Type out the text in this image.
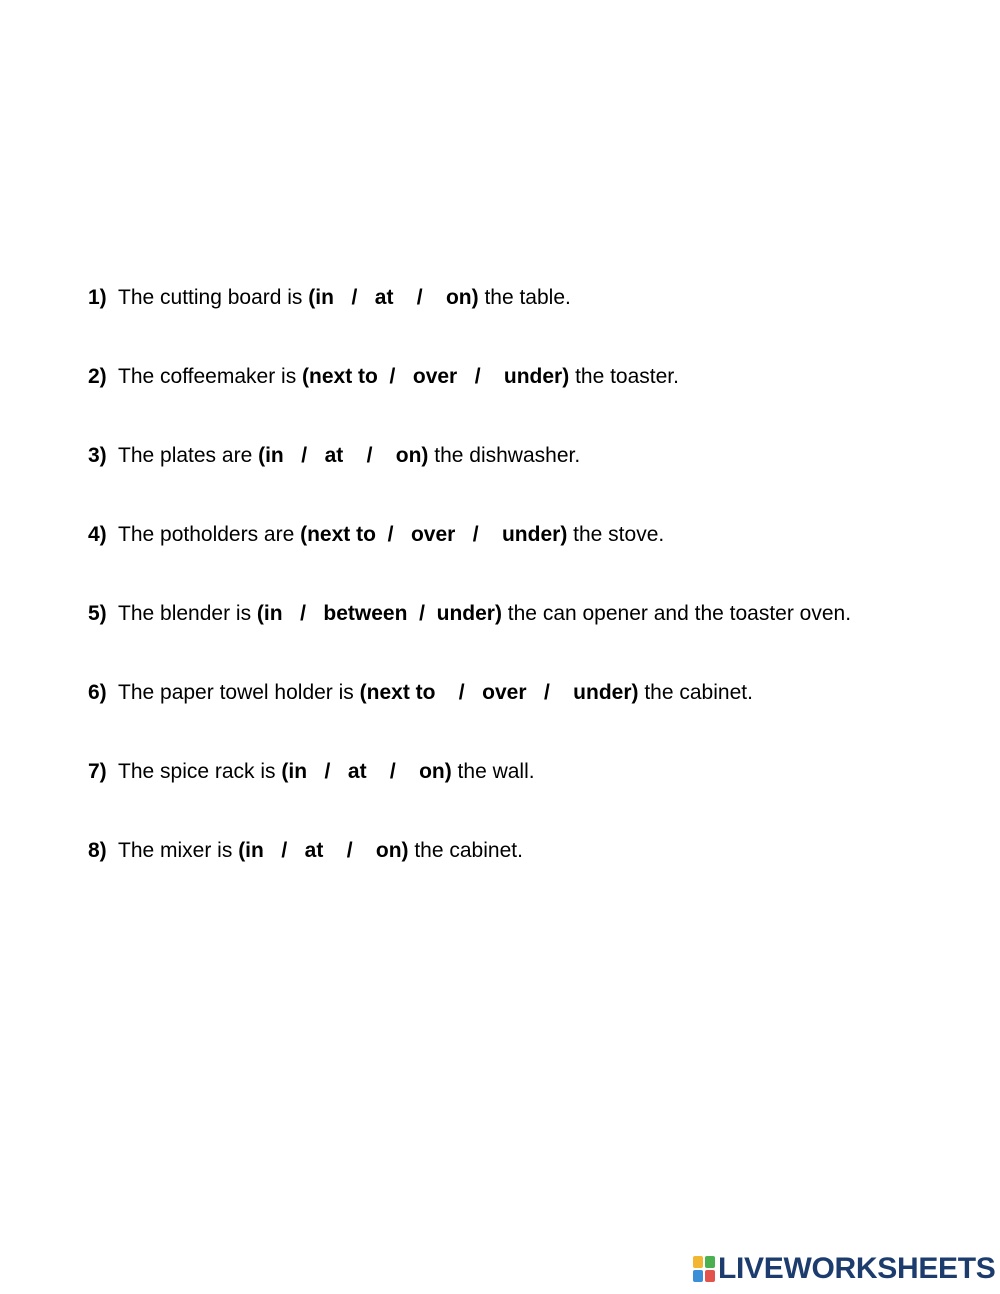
1) The cutting board is (in   /   at    /    on) the table.
2) The coffeemaker is (next to  /   over   /    under) the toaster.
3) The plates are (in   /   at    /    on) the dishwasher.
4) The potholders are (next to  /   over   /    under) the stove.
5) The blender is (in   /   between  /  under) the can opener and the toaster oven.
6) The paper towel holder is (next to    /   over   /    under) the cabinet.
7) The spice rack is (in   /   at    /    on) the wall.
8) The mixer is (in   /   at    /    on) the cabinet.
LIVEWORKSHEETS
